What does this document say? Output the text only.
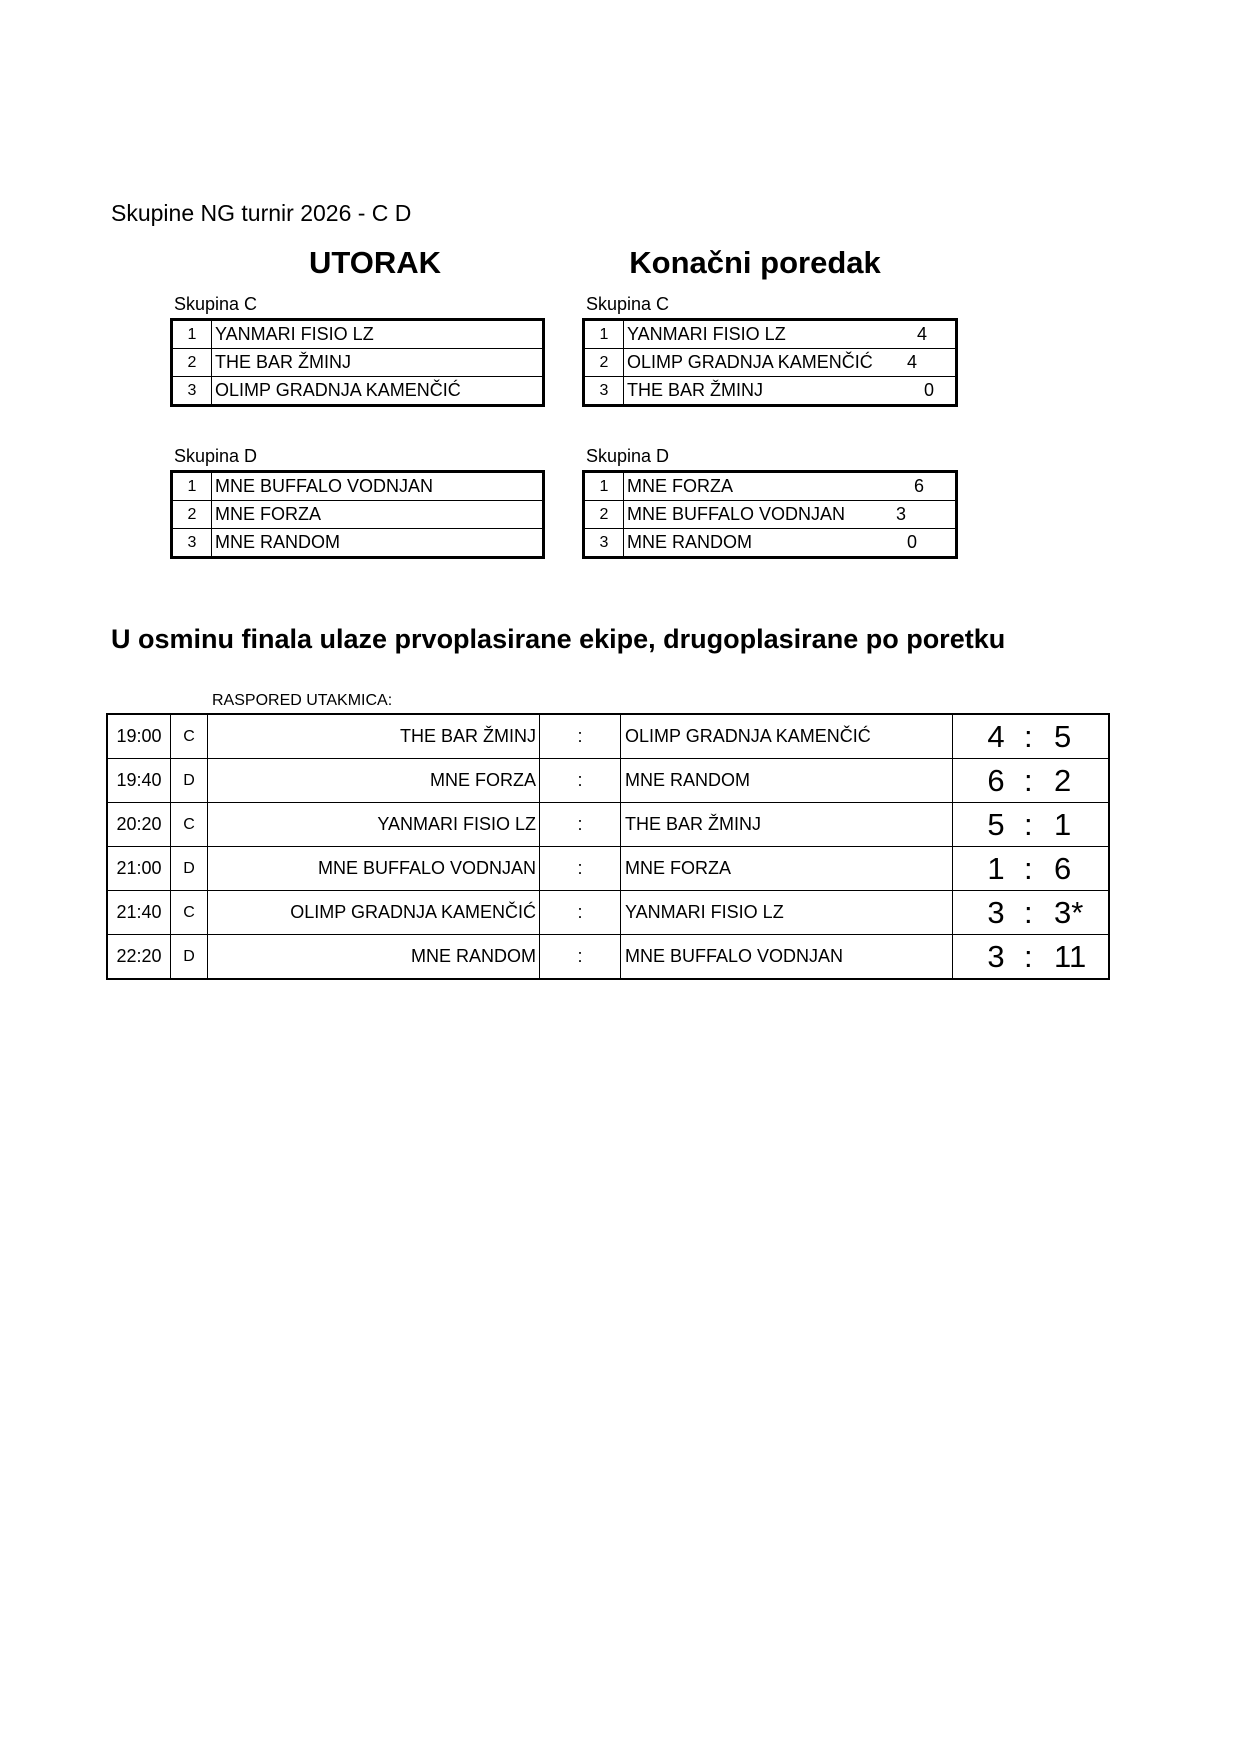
Skupine NG turnir 2026 - C D
UTORAK	Konačni poredak
Skupina C
1	YANMARI FISIO LZ
2	THE BAR ŽMINJ
3	OLIMP GRADNJA KAMENČIĆ
Skupina D
1	MNE BUFFALO VODNJAN
2	MNE FORZA
3	MNE RANDOM
Skupina C
1	YANMARI FISIO LZ 4

2	OLIMP GRADNJA KAMENČIĆ 4

3	THE BAR ŽMINJ 0
Skupina D
1	MNE FORZA 6

2	MNE BUFFALO VODNJAN 3

3	MNE RANDOM 0
U osminu finala ulaze prvoplasirane ekipe, drugoplasirane po poretku
RASPORED UTAKMICA:
19:00	C	THE BAR ŽMINJ	:	OLIMP GRADNJA KAMENČIĆ	4 : 5

19:40	D	MNE FORZA	:	MNE RANDOM	6 : 2

20:20	C	YANMARI FISIO LZ	:	THE BAR ŽMINJ	5 : 1

21:00	D	MNE BUFFALO VODNJAN	:	MNE FORZA	1 : 6

21:40	C	OLIMP GRADNJA KAMENČIĆ	:	YANMARI FISIO LZ	3 : 3*

22:20	D	MNE RANDOM	:	MNE BUFFALO VODNJAN	3 : 11
